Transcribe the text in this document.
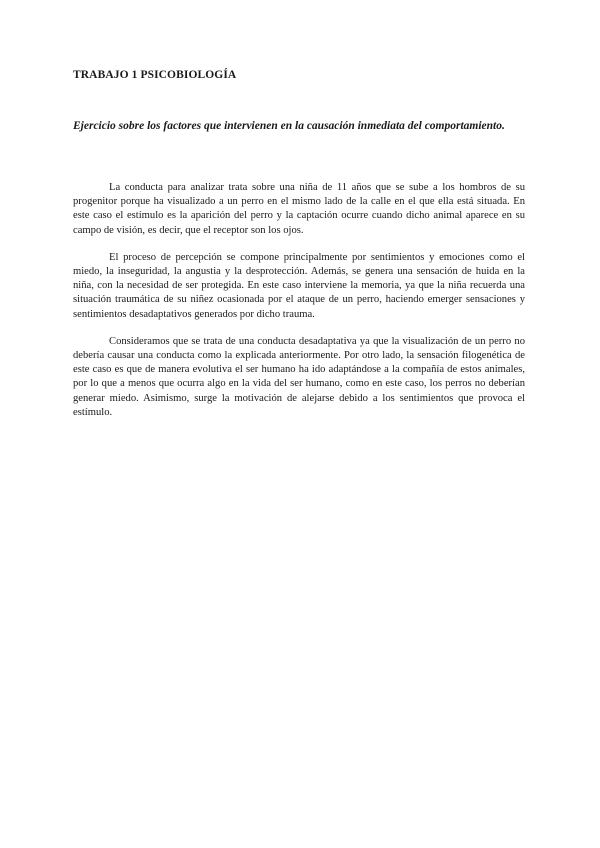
TRABAJO 1 PSICOBIOLOGÍA
Ejercicio sobre los factores que intervienen en la causación inmediata del comportamiento.

La conducta para analizar trata sobre una niña de 11 años que se sube a los hombros de su progenitor porque ha visualizado a un perro en el mismo lado de la calle en el que ella está situada. En este caso el estímulo es la aparición del perro y la captación ocurre cuando dicho animal aparece en su campo de visión, es decir, que el receptor son los ojos.

El proceso de percepción se compone principalmente por sentimientos y emociones como el miedo, la inseguridad, la angustia y la desprotección. Además, se genera una sensación de huida en la niña, con la necesidad de ser protegida. En este caso interviene la memoria, ya que la niña recuerda una situación traumática de su niñez ocasionada por el ataque de un perro, haciendo emerger sensaciones y sentimientos desadaptativos generados por dicho trauma.

Consideramos que se trata de una conducta desadaptativa ya que la visualización de un perro no debería causar una conducta como la explicada anteriormente. Por otro lado, la sensación filogenética de este caso es que de manera evolutiva el ser humano ha ido adaptándose a la compañía de estos animales, por lo que a menos que ocurra algo en la vida del ser humano, como en este caso, los perros no deberían generar miedo. Asimismo, surge la motivación de alejarse debido a los sentimientos que provoca el estímulo.
